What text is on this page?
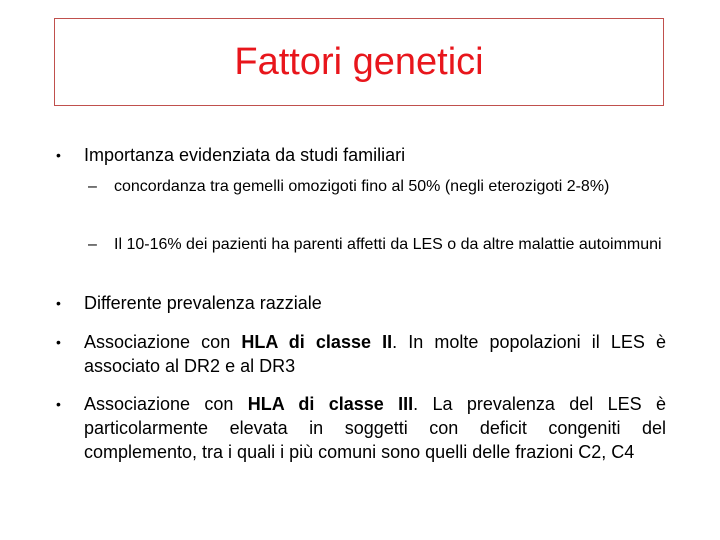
Fattori genetici
• Importanza evidenziata da studi familiari
– concordanza tra gemelli omozigoti fino al 50% (negli eterozigoti 2-8%)
– Il 10-16% dei pazienti ha parenti affetti da LES o da altre malattie autoimmuni
• Differente prevalenza razziale
• Associazione con HLA di classe II. In molte popolazioni il LES è associato al DR2 e al DR3
• Associazione con HLA di classe III. La prevalenza del LES è particolarmente elevata in soggetti con deficit congeniti del complemento, tra i quali i più comuni sono quelli delle frazioni C2, C4
